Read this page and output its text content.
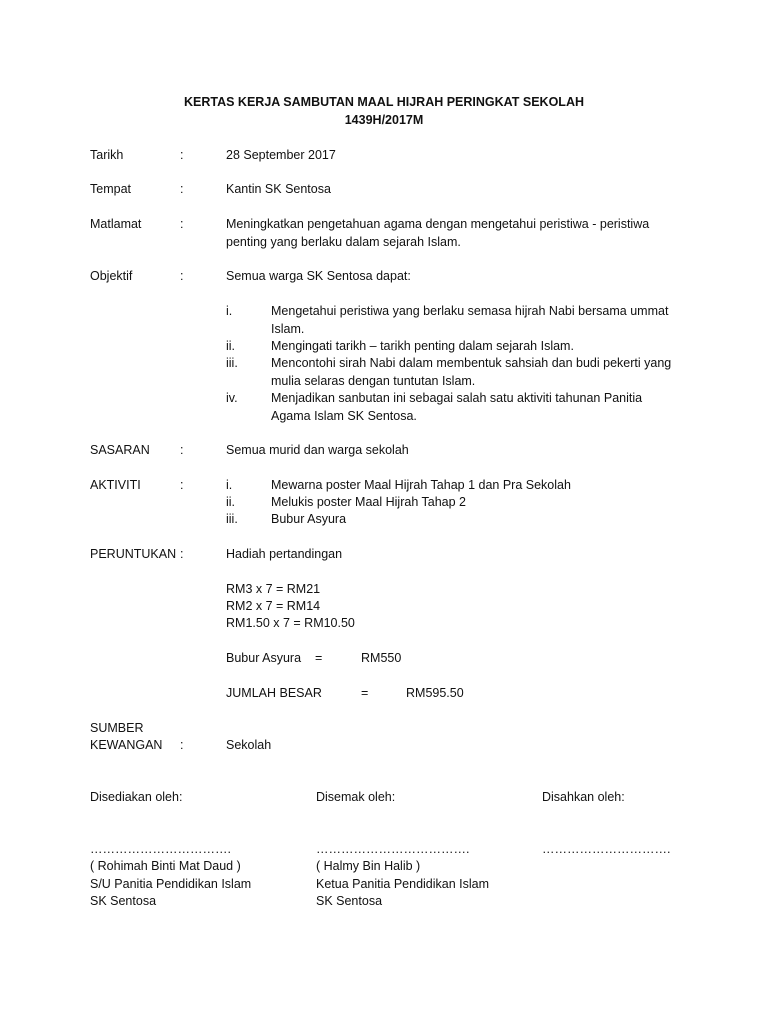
KERTAS KERJA SAMBUTAN MAAL HIJRAH PERINGKAT SEKOLAH
1439H/2017M
Tarikh	:	28 September 2017
Tempat	:	Kantin SK Sentosa
Matlamat	:	Meningkatkan pengetahuan agama dengan mengetahui peristiwa - peristiwa penting yang berlaku dalam sejarah Islam.
Objektif	:	Semua warga SK Sentosa dapat:
i.	Mengetahui peristiwa yang berlaku semasa hijrah Nabi bersama ummat Islam.
ii.	Mengingati tarikh – tarikh penting dalam sejarah Islam.
iii.	Mencontohi sirah Nabi dalam membentuk sahsiah dan budi pekerti yang mulia selaras dengan tuntutan Islam.
iv.	Menjadikan sanbutan ini sebagai salah satu aktiviti tahunan Panitia Agama Islam SK Sentosa.
SASARAN :	Semua murid dan warga sekolah
AKTIVITI	:	i.	Mewarna poster Maal Hijrah Tahap 1 dan Pra Sekolah
ii.	Melukis poster Maal Hijrah Tahap 2
iii.	Bubur Asyura
PERUNTUKAN :	Hadiah pertandingan
RM3 x 7 = RM21
RM2 x 7 = RM14
RM1.50 x 7 = RM10.50
Bubur Asyura =	RM550
JUMLAH BESAR	=	RM595.50
SUMBER
KEWANGAN :	Sekolah
Disediakan oleh:	Disemak oleh:	Disahkan oleh:
…………………………….	……………………………….	………………………….
( Rohimah Binti Mat Daud )	( Halmy Bin Halib )
S/U Panitia Pendidikan Islam	Ketua Panitia Pendidikan Islam
SK Sentosa	SK Sentosa
